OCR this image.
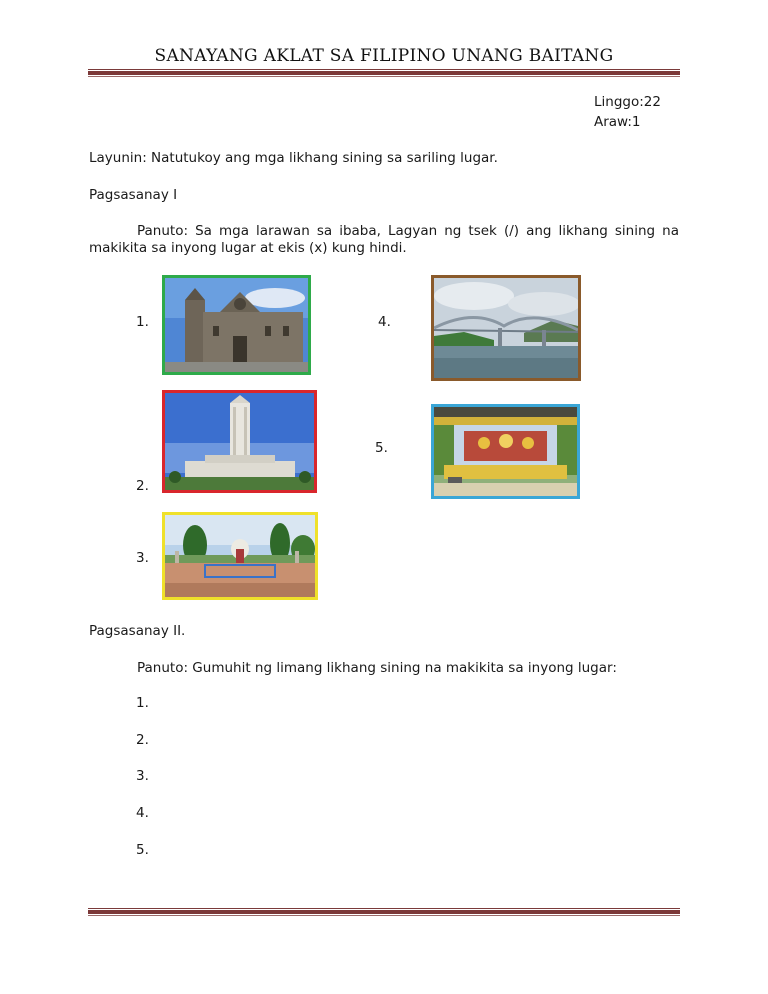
SANAYANG AKLAT SA FILIPINO UNANG BAITANG
Linggo:22
Araw:1
Layunin: Natutukoy ang mga likhang sining sa sariling lugar.
Pagsasanay I
Panuto: Sa mga larawan sa ibaba, Lagyan ng tsek (/) ang likhang sining na
makikita sa inyong lugar at ekis (x) kung hindi.
1.	4.
2.
5.
3.
Pagsasanay II.
Panuto: Gumuhit ng limang likhang sining na makikita sa inyong lugar:
1.
2.
3.
4.
5.
